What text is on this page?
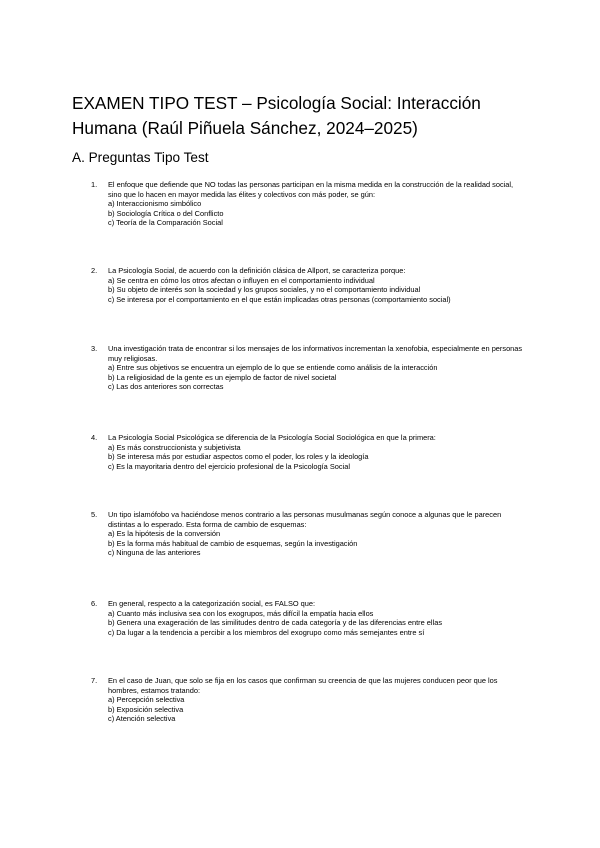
EXAMEN TIPO TEST – Psicología Social: Interacción Humana (Raúl Piñuela Sánchez, 2024–2025)
A. Preguntas Tipo Test
1. El enfoque que defiende que NO todas las personas participan en la misma medida en la construcción de la realidad social, sino que lo hacen en mayor medida las élites y colectivos con más poder, se gún:

a) Interaccionismo simbólico

b) Sociología Crítica o del Conflicto

c) Teoría de la Comparación Social

2. La Psicología Social, de acuerdo con la definición clásica de Allport, se caracteriza porque:

a) Se centra en cómo los otros afectan o influyen en el comportamiento individual

b) Su objeto de interés son la sociedad y los grupos sociales, y no el comportamiento individual

c) Se interesa por el comportamiento en el que están implicadas otras personas (comportamiento social)

3. Una investigación trata de encontrar si los mensajes de los informativos incrementan la xenofobia, especialmente en personas muy religiosas.

a) Entre sus objetivos se encuentra un ejemplo de lo que se entiende como análisis de la interacción

b) La religiosidad de la gente es un ejemplo de factor de nivel societal

c) Las dos anteriores son correctas

4. La Psicología Social Psicológica se diferencia de la Psicología Social Sociológica en que la primera:

a) Es más construccionista y subjetivista

b) Se interesa más por estudiar aspectos como el poder, los roles y la ideología

c) Es la mayoritaria dentro del ejercicio profesional de la Psicología Social

5. Un tipo islamófobo va haciéndose menos contrario a las personas musulmanas según conoce a algunas que le parecen distintas a lo esperado. Esta forma de cambio de esquemas:

a) Es la hipótesis de la conversión

b) Es la forma más habitual de cambio de esquemas, según la investigación

c) Ninguna de las anteriores

6. En general, respecto a la categorización social, es FALSO que:

a) Cuanto más inclusiva sea con los exogrupos, más difícil la empatía hacia ellos

b) Genera una exageración de las similitudes dentro de cada categoría y de las diferencias entre ellas

c) Da lugar a la tendencia a percibir a los miembros del exogrupo como más semejantes entre sí

7. En el caso de Juan, que solo se fija en los casos que confirman su creencia de que las mujeres conducen peor que los hombres, estamos tratando:

a) Percepción selectiva

b) Exposición selectiva

c) Atención selectiva
